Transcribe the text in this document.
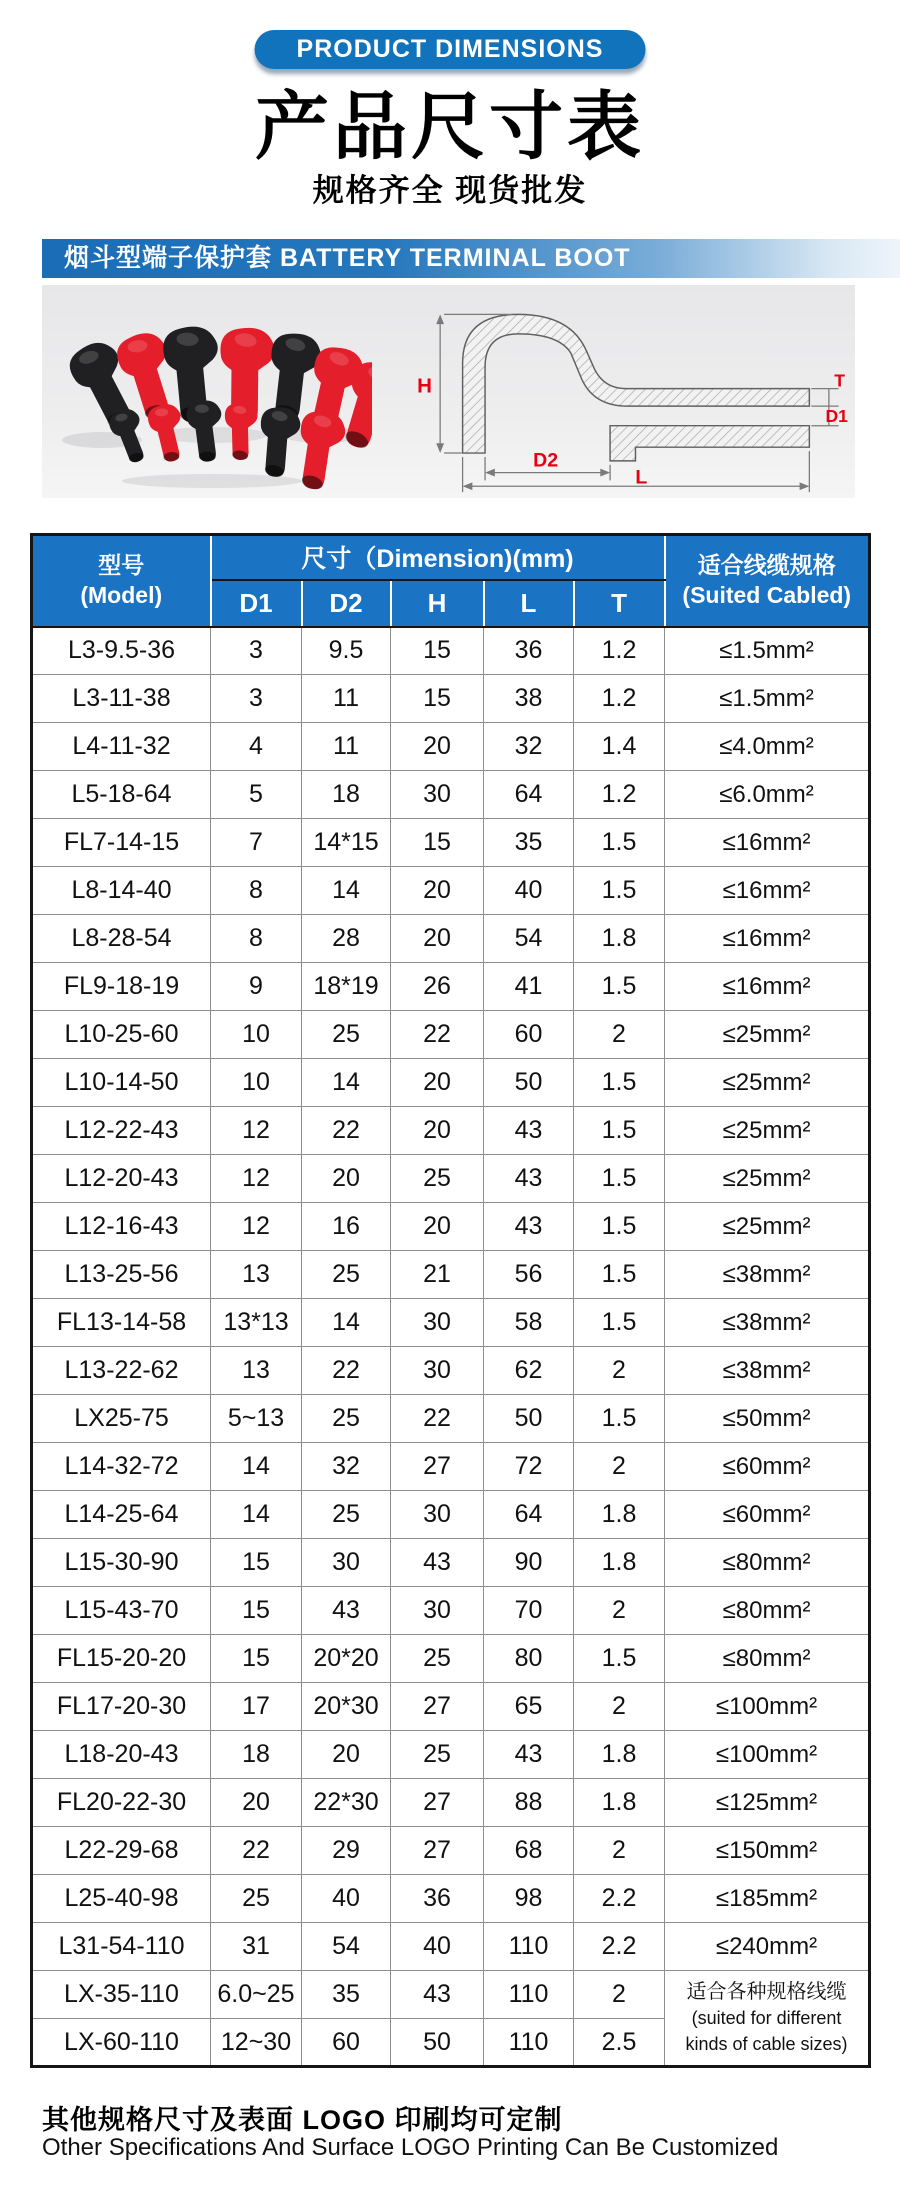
PRODUCT DIMENSIONS
产品尺寸表
规格齐全 现货批发
烟斗型端子保护套 BATTERY TERMINAL BOOT
H
D2
L
T
D1
型号
(Model)	尺寸（Dimension)(mm)					适合线缆规格
(Suited Cabled)
	D1	D2	H	L	T	
L3-9.5-36	3	9.5	15	36	1.2	≤1.5mm²
L3-11-38	3	11	15	38	1.2	≤1.5mm²
L4-11-32	4	11	20	32	1.4	≤4.0mm²
L5-18-64	5	18	30	64	1.2	≤6.0mm²
FL7-14-15	7	14*15	15	35	1.5	≤16mm²
L8-14-40	8	14	20	40	1.5	≤16mm²
L8-28-54	8	28	20	54	1.8	≤16mm²
FL9-18-19	9	18*19	26	41	1.5	≤16mm²
L10-25-60	10	25	22	60	2	≤25mm²
L10-14-50	10	14	20	50	1.5	≤25mm²
L12-22-43	12	22	20	43	1.5	≤25mm²
L12-20-43	12	20	25	43	1.5	≤25mm²
L12-16-43	12	16	20	43	1.5	≤25mm²
L13-25-56	13	25	21	56	1.5	≤38mm²
FL13-14-58	13*13	14	30	58	1.5	≤38mm²
L13-22-62	13	22	30	62	2	≤38mm²
LX25-75	5~13	25	22	50	1.5	≤50mm²
L14-32-72	14	32	27	72	2	≤60mm²
L14-25-64	14	25	30	64	1.8	≤60mm²
L15-30-90	15	30	43	90	1.8	≤80mm²
L15-43-70	15	43	30	70	2	≤80mm²
FL15-20-20	15	20*20	25	80	1.5	≤80mm²
FL17-20-30	17	20*30	27	65	2	≤100mm²
L18-20-43	18	20	25	43	1.8	≤100mm²
FL20-22-30	20	22*30	27	88	1.8	≤125mm²
L22-29-68	22	29	27	68	2	≤150mm²
L25-40-98	25	40	36	98	2.2	≤185mm²
L31-54-110	31	54	40	110	2.2	≤240mm²
LX-35-110	6.0~25	35	43	110	2	适合各种规格线缆
(suited for different
kinds of cable sizes)
LX-60-110	12~30	60	50	110	2.5	
其他规格尺寸及表面 LOGO 印刷均可定制
Other Specifications And Surface LOGO Printing Can Be Customized
